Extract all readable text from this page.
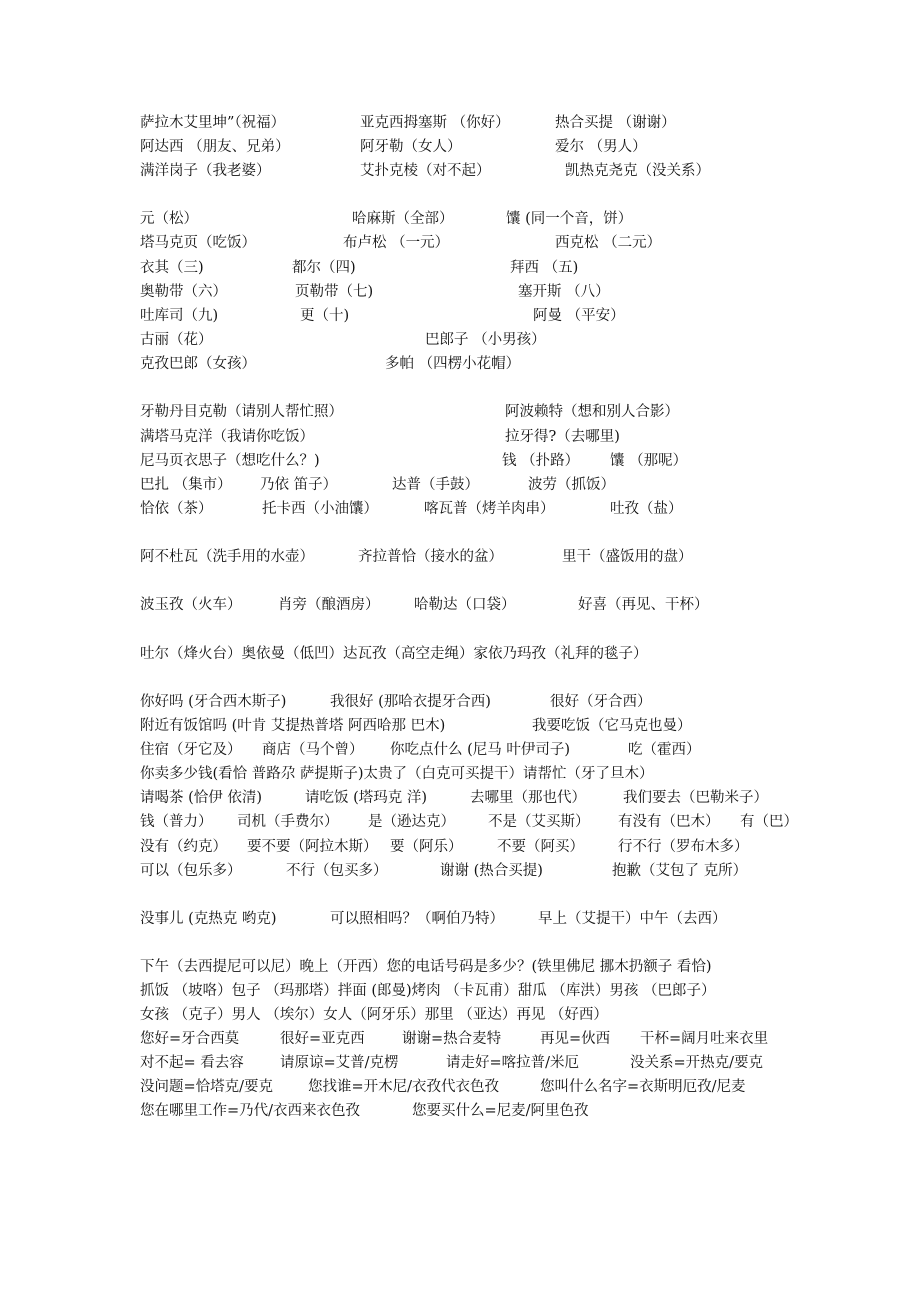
萨拉木艾里坤”（祝福）	亚克西拇塞斯 （你好）	热合买提 （谢谢）
阿达西 （朋友、兄弟）	阿牙勒（女人）	爱尔 （男人）
满洋岗子（我老婆）	艾扑克棱（对不起）	凯热克尧克（没关系）
元（松）	哈麻斯（全部）	馕 (同一个音，饼）
塔马克页（吃饭）	布卢松 （一元）	西克松 （二元）
衣其（三)	都尔（四)	拜西 （五)
奥勒带（六）	页勒带（七)	塞开斯 （八）
吐库司（九)	更（十)	阿曼 （平安）
古丽（花）	巴郎子 （小男孩）
克孜巴郎（女孩）	多帕 （四楞小花帽）
牙勒丹目克勒（请别人帮忙照）	阿波赖特（想和别人合影）
满塔马克洋（我请你吃饭）	拉牙得?（去哪里)
尼马页衣思子（想吃什么？)	钱 （扑路） 馕 （那呢）
巴扎 （集市） 乃依 笛子）	达普（手鼓）	波劳（抓饭）
恰依（茶）	托卡西（小油馕）	喀瓦普（烤羊肉串）	吐孜（盐）
阿不杜瓦（洗手用的水壶）	齐拉普恰（接水的盆）	里干（盛饭用的盘）
波玉孜（火车）	肖旁（酿酒房） 哈勒达（口袋）	好喜（再见、干杯）
吐尔（烽火台）奥依曼（低凹）达瓦孜（高空走绳）家依乃玛孜（礼拜的毯子）
你好吗 (牙合西木斯子)	我很好 (那哈衣提牙合西)	很好（牙合西）
附近有饭馆吗 (叶肯 艾提热普塔 阿西哈那 巴木)	我要吃饭（它马克也曼）
住宿（牙它及） 商店（马个曾） 你吃点什么 (尼马 叶伊司子)	吃（霍西）
你卖多少钱(看恰 普路尕 萨提斯子)太贵了（白克可买提干）请帮忙（牙了旦木）
请喝茶 (恰伊 依清)	请吃饭 (塔玛克 洋)	去哪里（那也代）	我们要去（巴勒米子）
钱（普力） 司机（手费尔） 是（逊达克） 不是（艾买斯） 有没有（巴木） 有（巴）
没有（约克） 要不要（阿拉木斯） 要（阿乐） 不要（阿买） 行不行（罗布木多）
可以（包乐多）	不行（包买多）	谢谢 (热合买提)	抱歉（艾包了 克所）
没事儿 (克热克 哟克)	可以照相吗？（啊伯乃特） 早上（艾提干）中午（去西）
下午（去西提尼可以尼）晚上（开西）您的电话号码是多少？(铁里佛尼 挪木扔额子 看恰)
抓饭 （坡咯）包子 （玛那塔）拌面 (郎曼)烤肉 （卡瓦甫）甜瓜 （库洪）男孩 （巴郎子）
女孩 （克子）男人 （埃尔）女人（阿牙乐）那里 （亚达）再见 （好西）
您好=牙合西莫	很好=亚克西	谢谢=热合麦特	再见=伙西 干杯=阔月吐来衣里
对不起= 看去容 请原谅=艾普/克楞	请走好=喀拉普/米厄	没关系=开热克/要克
没问题=恰塔克/要克 您找谁=开木尼/衣孜代衣色孜	您叫什么名字=衣斯明厄孜/尼麦
您在哪里工作=乃代/衣西来衣色孜	您要买什么=尼麦/阿里色孜
